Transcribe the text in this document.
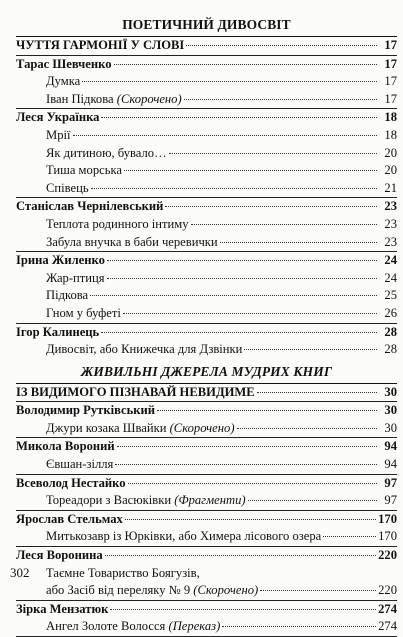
ПОЕТИЧНИЙ ДИВОСВІТ
ЧУТТЯ ГАРМОНІЇ У СЛОВІ	17
Тарас Шевченко	17
Думка	17
Іван Підкова (Скорочено)	17
Леся Українка	18
Мрії	18
Як дитиною, бувало…	20
Тиша морська	20
Співець	21
Станіслав Чернілевський	23
Теплота родинного інтиму	23
Забула внучка в баби черевички	23
Ірина Жиленко	24
Жар-птиця	24
Підкова	25
Гном у буфеті	26
Ігор Калинець	28
Дивосвіт, або Книжечка для Дзвінки	28
ЖИВИЛЬНІ ДЖЕРЕЛА МУДРИХ КНИГ
ІЗ ВИДИМОГО ПІЗНАВАЙ НЕВИДИМЕ	30
Володимир Рутківський	30
Джури козака Швайки (Скорочено)	30
Микола Вороний	94
Євшан-зілля	94
Всеволод Нестайко	97
Тореадори з Васюківки (Фрагменти)	97
Ярослав Стельмах	170
Митькозавр із Юрківки, або Химера лісового озера	170
Леся Воронина	220
Таємне Товариство Боягузів,
або Засіб від переляку № 9 (Скорочено)	220
Зірка Мензатюк	274
Ангел Золоте Волосся (Переказ)	274
302
